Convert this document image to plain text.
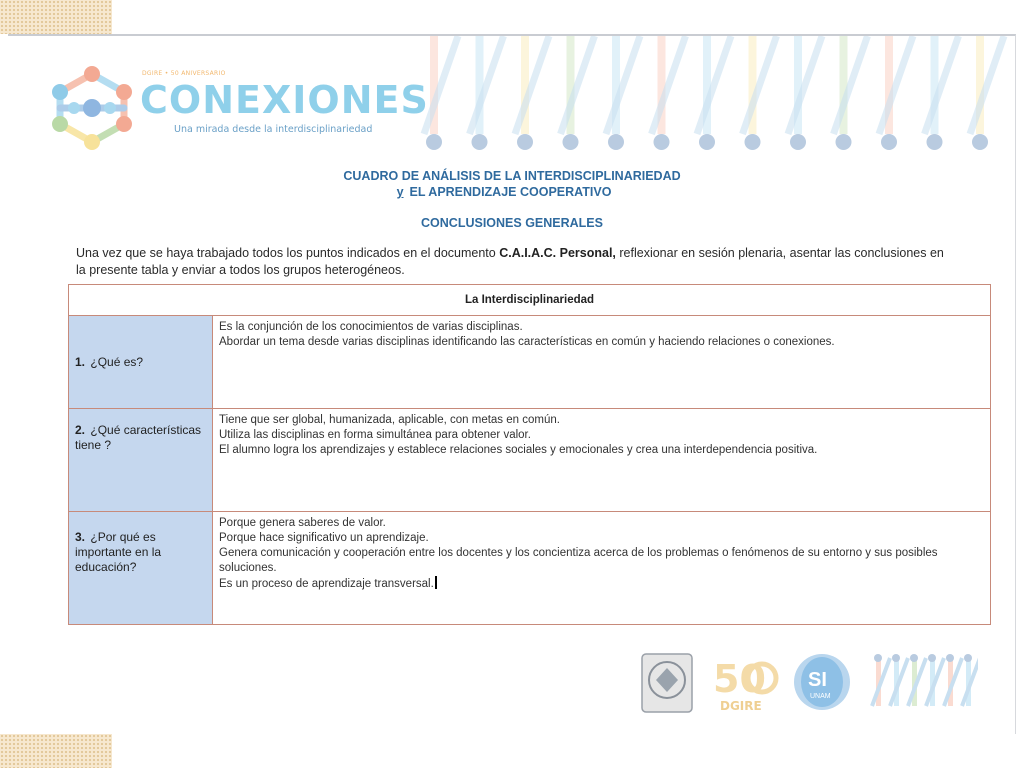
DGIRE • 50 ANIVERSARIO
CONEXIONES
Una mirada desde la interdisciplinariedad
CUADRO DE ANÁLISIS DE LA INTERDISCIPLINARIEDAD
y EL APRENDIZAJE COOPERATIVO
CONCLUSIONES GENERALES
Una vez que se haya trabajado todos los puntos indicados en el documento C.A.I.A.C. Personal, reflexionar en sesión plenaria, asentar las conclusiones en la presente tabla y enviar a todos los grupos heterogéneos.
La Interdisciplinariedad	
1. ¿Qué es?	Es la conjunción de los conocimientos de varias disciplinas.
Abordar un tema desde varias disciplinas identificando las características en común y haciendo relaciones o conexiones.

2. ¿Qué características tiene ?	Tiene que ser global, humanizada, aplicable, con metas en común.
Utiliza las disciplinas en forma simultánea para obtener valor.
El alumno logra los aprendizajes y establece relaciones sociales y emocionales y crea una interdependencia positiva.

3. ¿Por qué es importante en la educación?	Porque genera saberes de valor.
Porque hace significativo un aprendizaje.
Genera comunicación y cooperación entre los docentes y los concientiza acerca de los problemas o fenómenos de su entorno y sus posibles soluciones.
Es un proceso de aprendizaje transversal.
50
DGIRE
SI
UNAM
